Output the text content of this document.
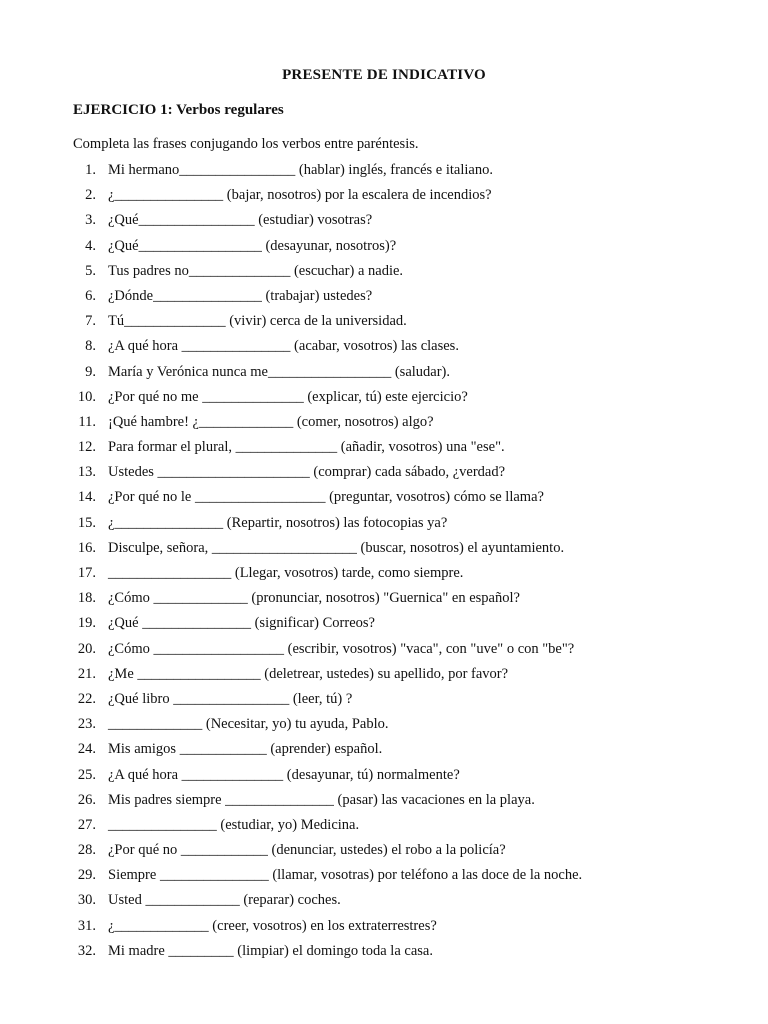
PRESENTE DE INDICATIVO
EJERCICIO 1: Verbos regulares
Completa las frases conjugando los verbos entre paréntesis.
1. Mi hermano________________ (hablar) inglés, francés e italiano.
2. ¿_______________ (bajar, nosotros) por la escalera de incendios?
3. ¿Qué________________ (estudiar) vosotras?
4. ¿Qué_________________ (desayunar, nosotros)?
5. Tus padres no______________ (escuchar) a nadie.
6. ¿Dónde_______________ (trabajar) ustedes?
7. Tú______________ (vivir) cerca de la universidad.
8. ¿A qué hora _______________ (acabar, vosotros) las clases.
9. María y Verónica nunca me_________________ (saludar).
10. ¿Por qué no me ______________ (explicar, tú) este ejercicio?
11. ¡Qué hambre! ¿_____________ (comer, nosotros) algo?
12. Para formar el plural, ______________ (añadir, vosotros) una "ese".
13. Ustedes _____________________ (comprar) cada sábado, ¿verdad?
14. ¿Por qué no le __________________ (preguntar, vosotros) cómo se llama?
15. ¿_______________ (Repartir, nosotros) las fotocopias ya?
16. Disculpe, señora, ____________________ (buscar, nosotros) el ayuntamiento.
17. _________________ (Llegar, vosotros) tarde, como siempre.
18. ¿Cómo _____________ (pronunciar, nosotros) "Guernica" en español?
19. ¿Qué _______________ (significar) Correos?
20. ¿Cómo __________________ (escribir, vosotros) "vaca", con "uve" o con "be"?
21. ¿Me _________________ (deletrear, ustedes) su apellido, por favor?
22. ¿Qué libro ________________ (leer, tú) ?
23. _____________ (Necesitar, yo) tu ayuda, Pablo.
24. Mis amigos ____________ (aprender) español.
25. ¿A qué hora ______________ (desayunar, tú) normalmente?
26. Mis padres siempre _______________ (pasar) las vacaciones en la playa.
27. _______________ (estudiar, yo) Medicina.
28. ¿Por qué no ____________ (denunciar, ustedes) el robo a la policía?
29. Siempre _______________ (llamar, vosotras) por teléfono a las doce de la noche.
30. Usted _____________ (reparar) coches.
31. ¿_____________ (creer, vosotros) en los extraterrestres?
32. Mi madre _________ (limpiar) el domingo toda la casa.
